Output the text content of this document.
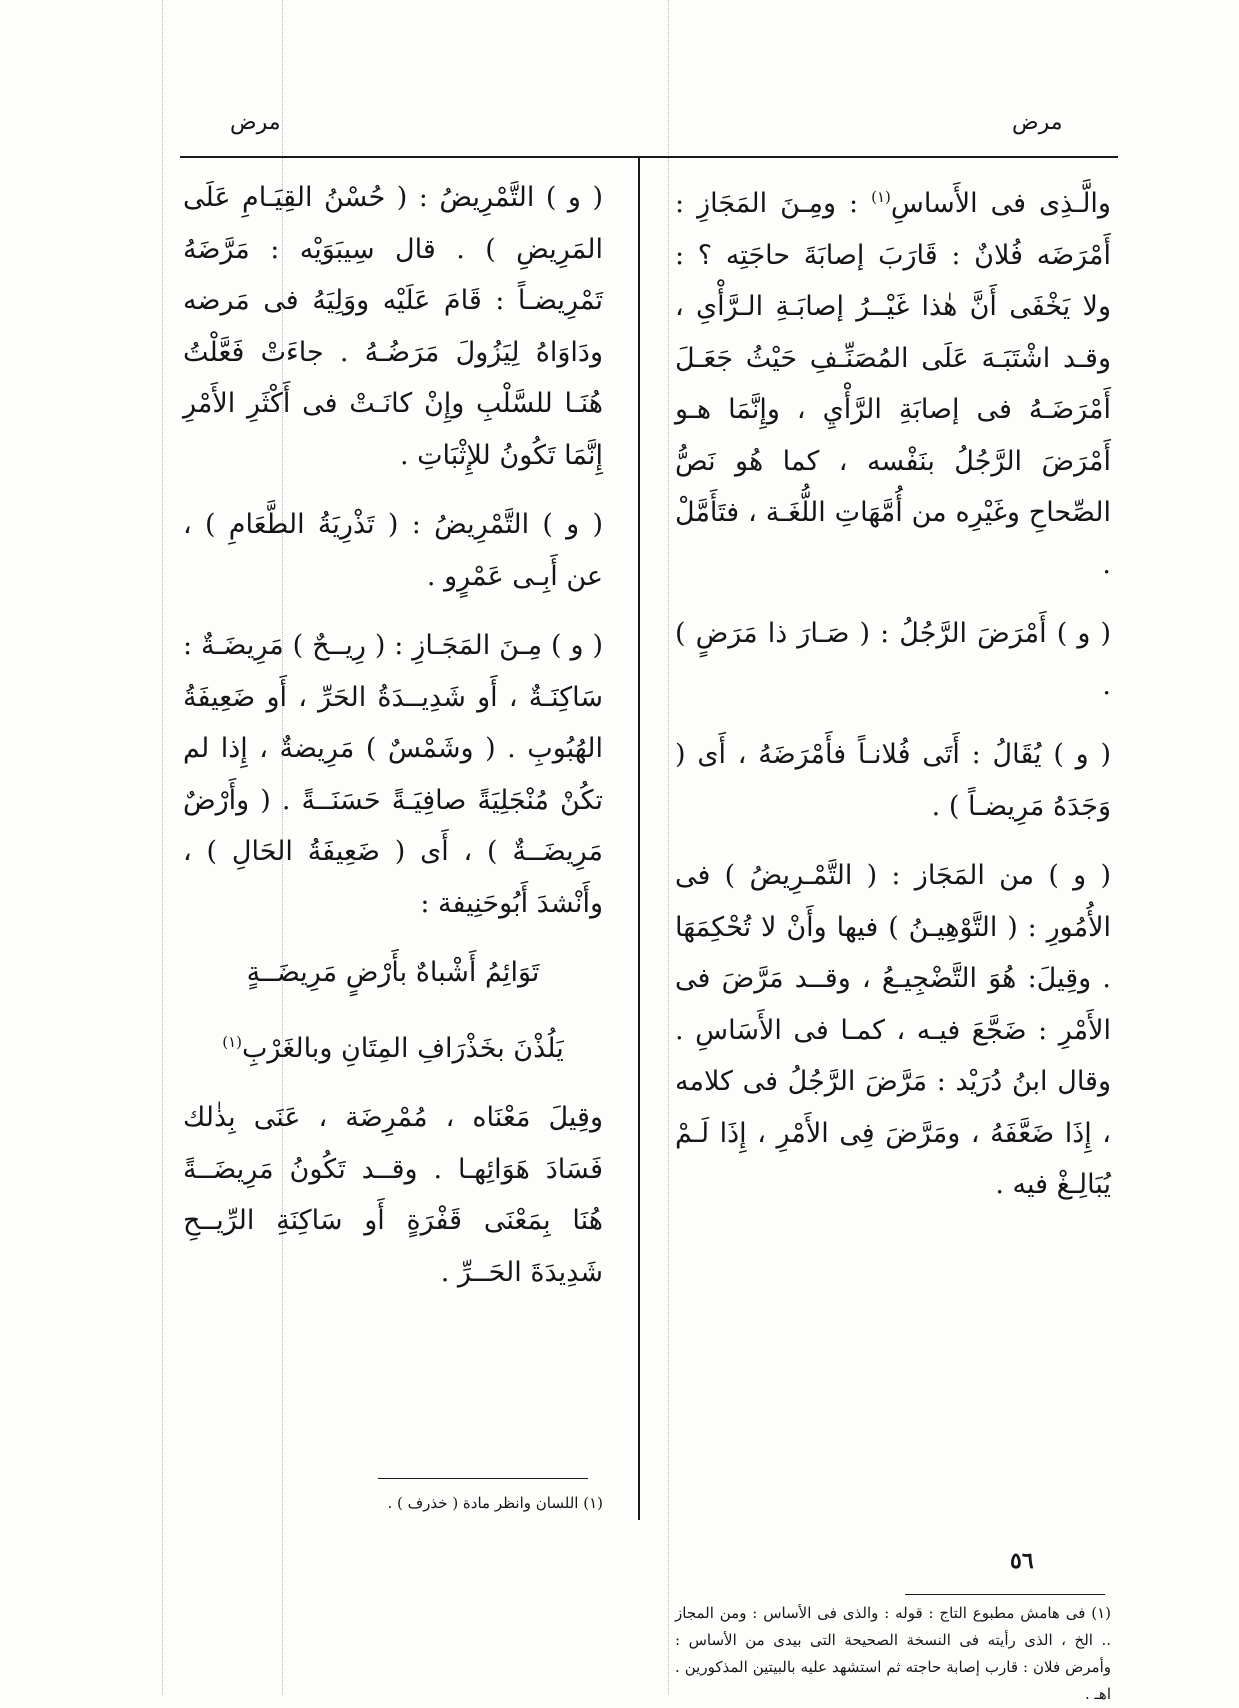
مرض
مرض

والَّـذِى فى الأَساسِ$^{(١)}$ : ومِـنَ المَجَازِ : أَمْرَضَه فُلانٌ : قَارَبَ إصابَةَ حاجَتِه ؟ : ولا يَخْفَى أَنَّ هٰذا غَيْــرُ إصابَـةِ الـرَّأْىِ ، وقـد اشْتَبَـهَ عَلَى المُصَنِّـفِ حَيْثُ جَعَـلَ أَمْرَضَـهُ فى إصابَةِ الرَّأْيِ ، وإِنَّمَا هـو أَمْرَضَ الرَّجُلُ بنَفْسه ، كما هُو نَصُّ الصِّحاحِ وغَيْرِه من أُمَّهَاتِ اللُّغَـة ، فتَأَمَّلْ .

( و ) أَمْرَضَ الرَّجُلُ : ( صَـارَ ذا مَرَضٍ ) .

( و ) يُقَالُ : أَتَى فُلانـاً فأَمْرَضَهُ ، أَى ( وَجَدَهُ مَرِيضـاً ) .

( و ) من المَجَاز : ( التَّمْـرِيضُ ) فى الأُمُورِ : ( التَّوْهِيـنُ ) فيها وأَنْ لا تُحْكِمَهَا . وقِيلَ: هُوَ التَّضْجِيـعُ ، وقــد مَرَّضَ فى الأَمْرِ : ضَجَّعَ فيـه ، كمـا فى الأَسَاسِ . وقال ابنُ دُرَيْد : مَرَّضَ الرَّجُلُ فى كلامه ، إِذَا ضَعَّفَهُ ، ومَرَّضَ فِى الأَمْرِ ، إِذَا لَـمْ يُبَالِـغْ فيه .

( و ) التَّمْرِيضُ : ( حُسْنُ القِيَـامِ عَلَى المَرِيضِ ) . قال سِيبَوَيْه : مَرَّضَهُ تَمْرِيضـاً : قَامَ عَلَيْه ووَلِيَهُ فى مَرضه ودَاوَاهُ لِيَزُولَ مَرَضُـهُ . جاءَتْ فَعَّلْتُ هُنَـا للسَّلْبِ وإِنْ كانَـتْ فى أَكْثَرِ الأَمْرِ إِنَّمَا تَكُونُ للإِثْبَاتِ .

( و ) التَّمْرِيضُ : ( تَذْرِيَةُ الطَّعَامِ ) ، عن أَبِـى عَمْرٍو .

( و ) مِـنَ المَجَـازِ : ( رِيــحٌ ) مَرِيضَـةٌ : سَاكِنَـةٌ ، أَو شَدِيــدَةُ الحَرِّ ، أَو ضَعِيفَةُ الهُبُوبِ . ( وشَمْسٌ ) مَرِيضةٌ ، إِذا لم تكُنْ مُنْجَلِيَةً صافِيَـةً حَسَنَــةً . ( وأَرْضٌ مَرِيضَــةٌ ) ، أَى ( ضَعِيفَةُ الحَالِ ) ، وأَنْشدَ أَبُوحَنِيفة :

تَوَائِمُ أَشْباهٌ بأَرْضٍ مَرِيضَــةٍ

يَلُذْنَ بخَذْرَافِ المِتَانِ وبالغَرْبِ$^{(١)}$

وقِيلَ مَعْنَاه ، مُمْرِضَة ، عَنَى بِذٰلك فَسَادَ هَوَائِهـا . وقــد تَكُونُ مَرِيضَــةً هُنَا بِمَعْنَى قَفْرَةٍ أَو سَاكِنَةِ الرِّيــحِ شَدِيدَةَ الحَــرِّ .

(١) فى هامش مطبوع التاج : قوله : والذى فى الأساس : ومن المجاز .. الخ ، الذى رأيته فى النسخة الصحيحة التى بيدى من الأساس : وأمرض فلان : قارب إصابة حاجته ثم استشهد عليه بالبيتين المذكورين . اهـ .
(١) اللسان وانظر مادة ( خذرف ) .
٥٦
